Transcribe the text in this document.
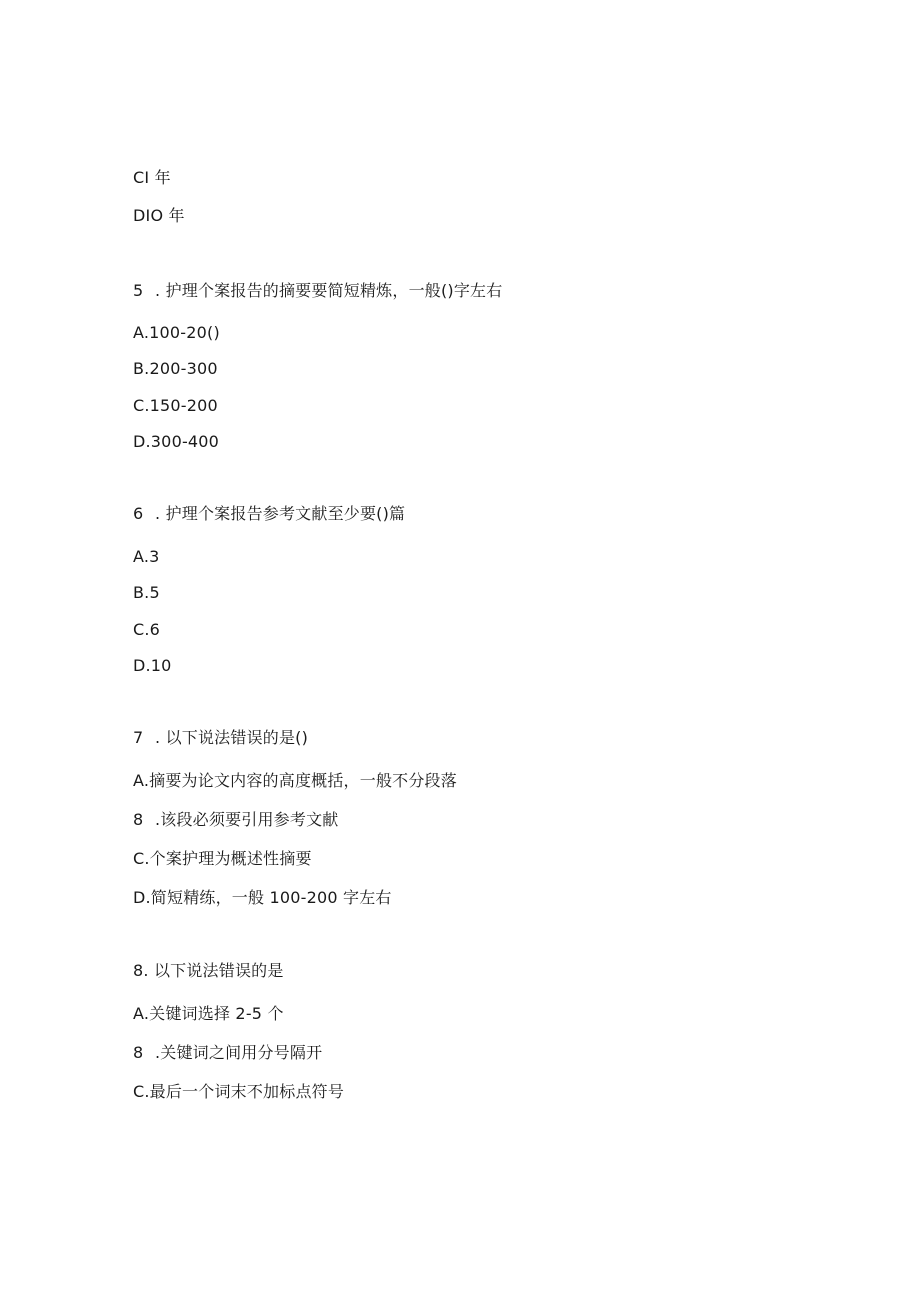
CI 年
DIO 年
5 . 护理个案报告的摘要要简短精炼，一般()字左右
A.100-20()
B.200-300
C.150-200
D.300-400
6 . 护理个案报告参考文献至少要()篇
A.3
B.5
C.6
D.10
7 . 以下说法错误的是()
A.摘要为论文内容的高度概括，一般不分段落
8 .该段必须要引用参考文献
C.个案护理为概述性摘要
D.简短精练，一般 100-200 字左右
8. 以下说法错误的是
A.关键词选择 2-5 个
8 .关键词之间用分号隔开
C.最后一个词末不加标点符号
